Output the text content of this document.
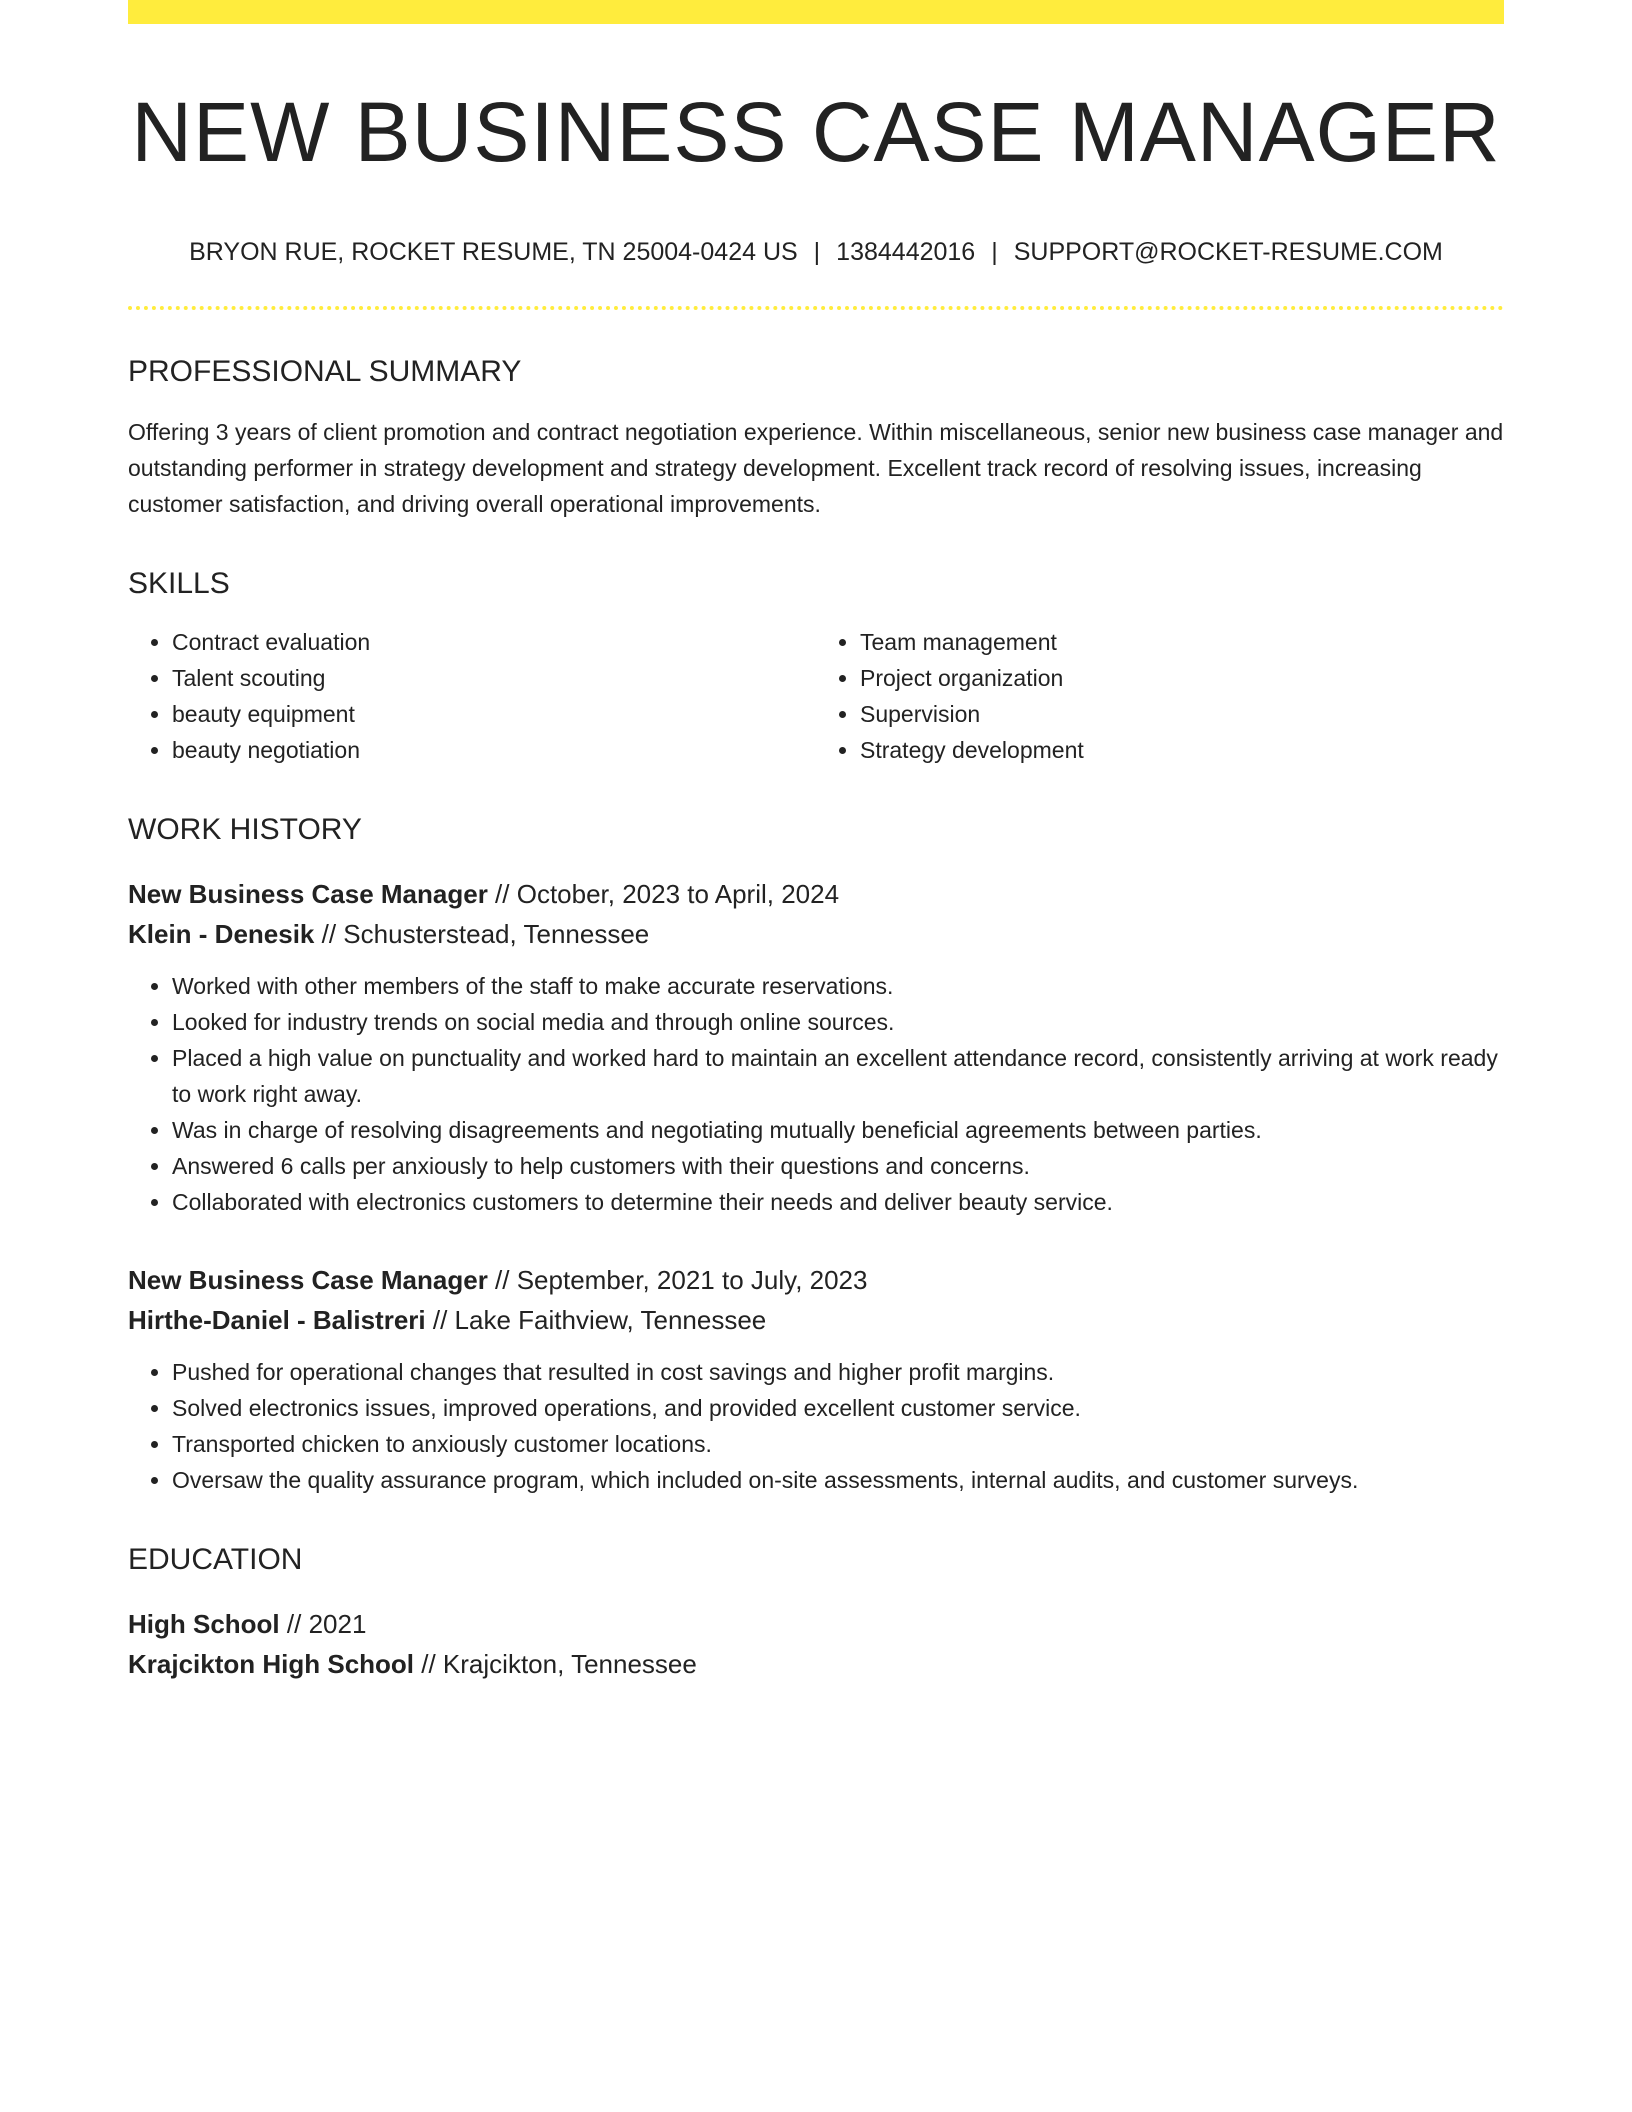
NEW BUSINESS CASE MANAGER
BRYON RUE, ROCKET RESUME, TN 25004-0424 US | 1384442016 | SUPPORT@ROCKET-RESUME.COM
PROFESSIONAL SUMMARY

Offering 3 years of client promotion and contract negotiation experience. Within miscellaneous, senior new business case manager and outstanding performer in strategy development and strategy development. Excellent track record of resolving issues, increasing customer satisfaction, and driving overall operational improvements.

SKILLS
• Contract evaluation
• Talent scouting
• beauty equipment
• beauty negotiation
• Team management
• Project organization
• Supervision
• Strategy development
WORK HISTORY
New Business Case Manager // October, 2023 to April, 2024
Klein - Denesik // Schusterstead, Tennessee
• Worked with other members of the staff to make accurate reservations.
• Looked for industry trends on social media and through online sources.
• Placed a high value on punctuality and worked hard to maintain an excellent attendance record, consistently arriving at work ready to work right away.
• Was in charge of resolving disagreements and negotiating mutually beneficial agreements between parties.
• Answered 6 calls per anxiously to help customers with their questions and concerns.
• Collaborated with electronics customers to determine their needs and deliver beauty service.
New Business Case Manager // September, 2021 to July, 2023
Hirthe-Daniel - Balistreri // Lake Faithview, Tennessee
• Pushed for operational changes that resulted in cost savings and higher profit margins.
• Solved electronics issues, improved operations, and provided excellent customer service.
• Transported chicken to anxiously customer locations.
• Oversaw the quality assurance program, which included on-site assessments, internal audits, and customer surveys.
EDUCATION
High School // 2021
Krajcikton High School // Krajcikton, Tennessee
